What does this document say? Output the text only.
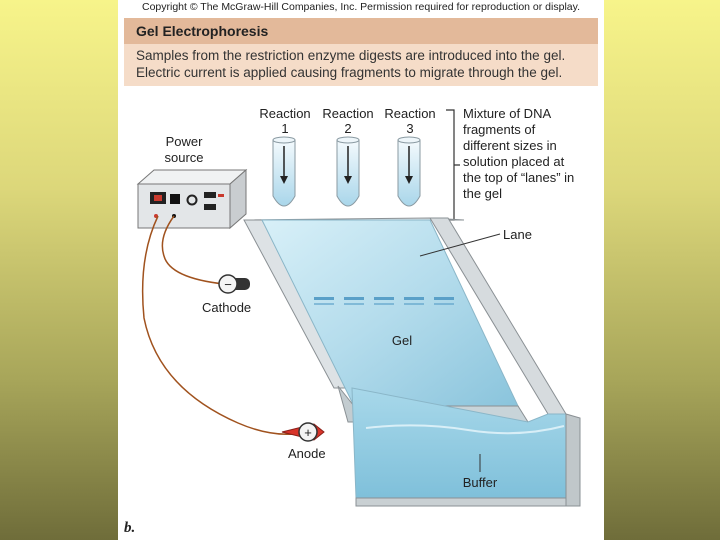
Copyright © The McGraw-Hill Companies, Inc. Permission required for reproduction or display.
Gel Electrophoresis
Samples from the restriction enzyme digests are introduced into the gel.
Electric current is applied causing fragments to migrate through the gel.
Reaction
1
Reaction
2
Reaction
3
Mixture of DNA
fragments of
different sizes in
solution placed at
the top of “lanes” in
the gel
Power
source
Gel
Lane
Buffer
−
Cathode
+
Anode
b.
